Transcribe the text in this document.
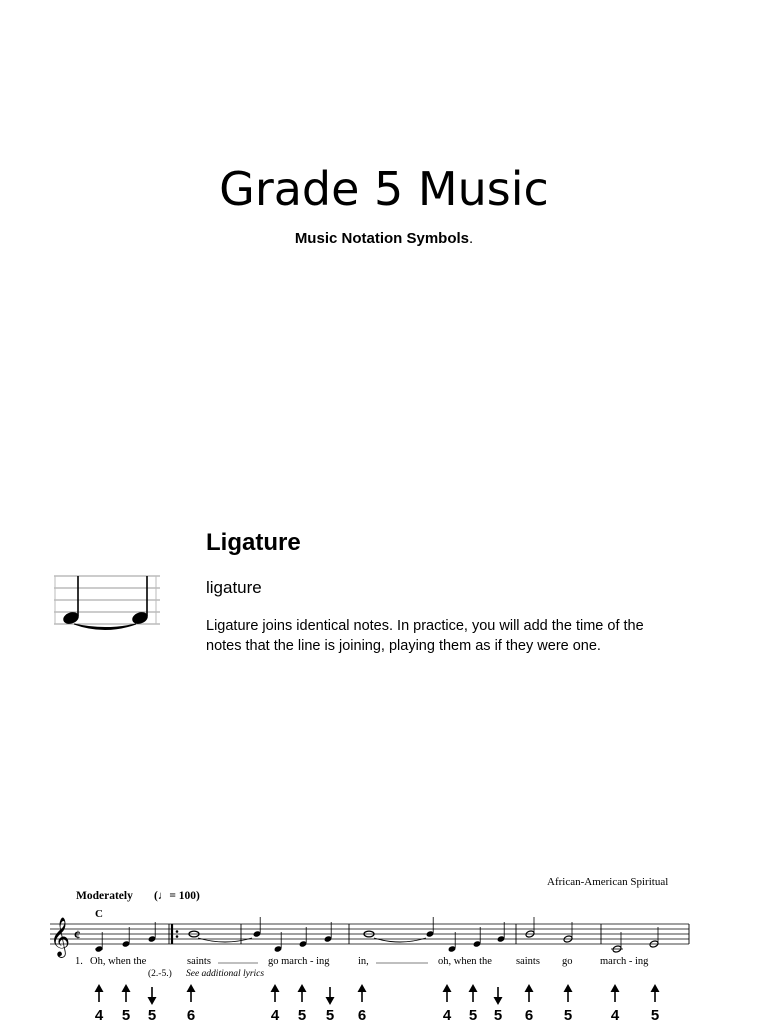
Grade 5 Music
Music Notation Symbols.
Ligature
ligature
Ligature joins identical notes. In practice, you will add the time of the notes that the line is joining, playing them as if they were one.
African-American Spiritual
Moderately (♩= 100)
C
𝄞 ¢
1. Oh, when the	saints	go march - ing	in,	oh, when the saints go	march - ing
(2.-5.) See additional lyrics
4 5 5 6	4 5 5 6	4 5 5 6 5	4 5
